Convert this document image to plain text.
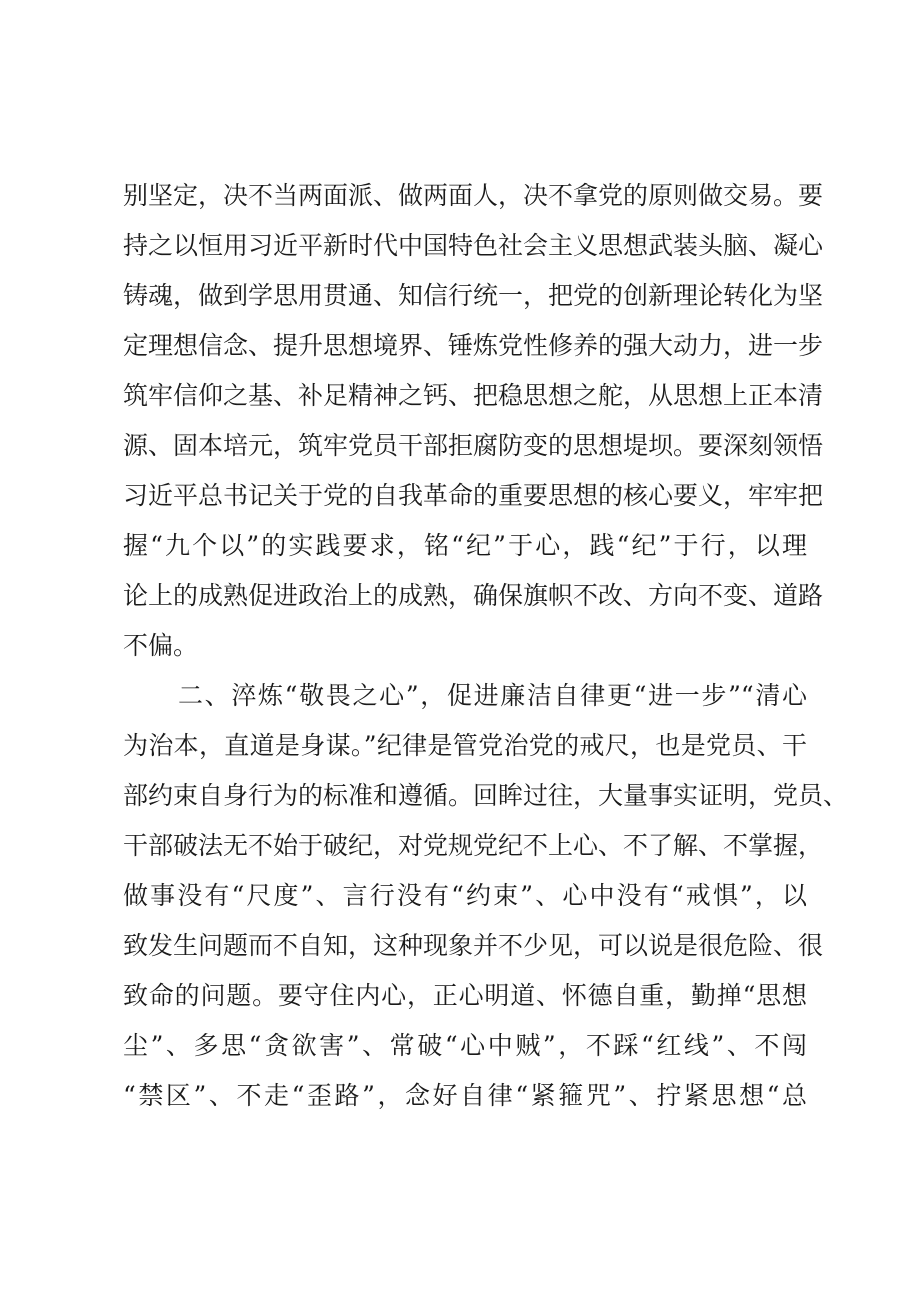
别坚定，决不当两面派、做两面人，决不拿党的原则做交易。要
持之以恒用习近平新时代中国特色社会主义思想武装头脑、凝心
铸魂，做到学思用贯通、知信行统一，把党的创新理论转化为坚
定理想信念、提升思想境界、锤炼党性修养的强大动力，进一步
筑牢信仰之基、补足精神之钙、把稳思想之舵，从思想上正本清
源、固本培元，筑牢党员干部拒腐防变的思想堤坝。要深刻领悟
习近平总书记关于党的自我革命的重要思想的核心要义，牢牢把
握“九个以”的实践要求，铭“纪”于心，践“纪”于行，以理
论上的成熟促进政治上的成熟，确保旗帜不改、方向不变、道路
不偏。
二、淬炼“敬畏之心”，促进廉洁自律更“进一步”“清心
为治本，直道是身谋。”纪律是管党治党的戒尺，也是党员、干
部约束自身行为的标准和遵循。回眸过往，大量事实证明，党员、
干部破法无不始于破纪，对党规党纪不上心、不了解、不掌握，
做事没有“尺度”、言行没有“约束”、心中没有“戒惧”，以
致发生问题而不自知，这种现象并不少见，可以说是很危险、很
致命的问题。要守住内心，正心明道、怀德自重，勤掸“思想
尘”、多思“贪欲害”、常破“心中贼”，不踩“红线”、不闯
“禁区”、不走“歪路”，念好自律“紧箍咒”、拧紧思想“总
